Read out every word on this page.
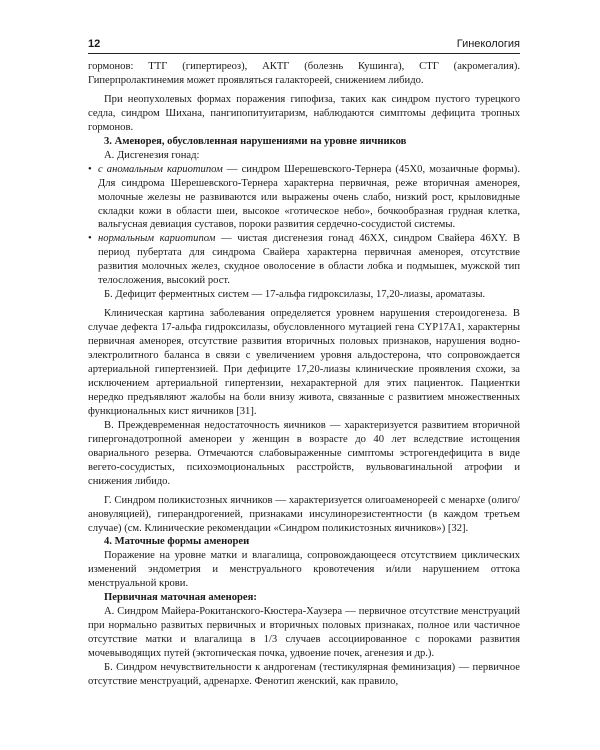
12	Гинекология

гормонов: ТТГ (гипертиреоз), АКТГ (болезнь Кушинга), СТГ (акромегалия). Гиперпролактинемия может проявляться галактореей, снижением либидо.

При неопухолевых формах поражения гипофиза, таких как синдром пустого турецкого седла, синдром Шихана, пангипопитуитаризм, наблюдаются симптомы дефицита тропных гормонов.

3. Аменорея, обусловленная нарушениями на уровне яичников

А. Дисгенезия гонад:

• с аномальным кариотипом — синдром Шерешевского-Тернера (45Х0, мозаичные формы). Для синдрома Шерешевского-Тернера характерна первичная, реже вторичная аменорея, молочные железы не развиваются или выражены очень слабо, низкий рост, крыловидные складки кожи в области шеи, высокое «готическое небо», бочкообразная грудная клетка, вальгусная девиация суставов, пороки развития сердечно-сосудистой системы.
• нормальным кариотипом — чистая дисгенезия гонад 46ХХ, синдром Свайера 46ХY. В период пубертата для синдрома Свайера характерна первичная аменорея, отсутствие развития молочных желез, скудное оволосение в области лобка и подмышек, мужской тип телосложения, высокий рост.

Б. Дефицит ферментных систем — 17-альфа гидроксилазы, 17,20-лиазы, ароматазы.

Клиническая картина заболевания определяется уровнем нарушения стероидогенеза. В случае дефекта 17-альфа гидроксилазы, обусловленного мутацией гена CYP17A1, характерны первичная аменорея, отсутствие развития вторичных половых признаков, нарушения водно-электролитного баланса в связи с увеличением уровня альдостерона, что сопровождается артериальной гипертензией. При дефиците 17,20-лиазы клинические проявления схожи, за исключением артериальной гипертензии, нехарактерной для этих пациенток. Пациентки нередко предъявляют жалобы на боли внизу живота, связанные с развитием множественных функциональных кист яичников [31].

В. Преждевременная недостаточность яичников — характеризуется развитием вторичной гипергонадотропной аменореи у женщин в возрасте до 40 лет вследствие истощения овариального резерва. Отмечаются слабовыраженные симптомы эстрогендефицита в виде вегето-сосудистых, психоэмоциональных расстройств, вульвовагинальной атрофии и снижения либидо.

Г. Синдром поликистозных яичников — характеризуется олигоаменореей с менархе (олиго/ановуляцией), гиперандрогенией, признаками инсулинорезистентности (в каждом третьем случае) (см. Клинические рекомендации «Синдром поликистозных яичников») [32].

4. Маточные формы аменореи

Поражение на уровне матки и влагалища, сопровождающееся отсутствием циклических изменений эндометрия и менструального кровотечения и/или нарушением оттока менструальной крови.

Первичная маточная аменорея:

А. Синдром Майера-Рокитанского-Кюстера-Хаузера — первичное отсутствие менструаций при нормально развитых первичных и вторичных половых признаках, полное или частичное отсутствие матки и влагалища в 1/3 случаев ассоциированное с пороками развития мочевыводящих путей (эктопическая почка, удвоение почек, агенезия и др.).

Б. Синдром нечувствительности к андрогенам (тестикулярная феминизация) — первичное отсутствие менструаций, адренархе. Фенотип женский, как правило,
